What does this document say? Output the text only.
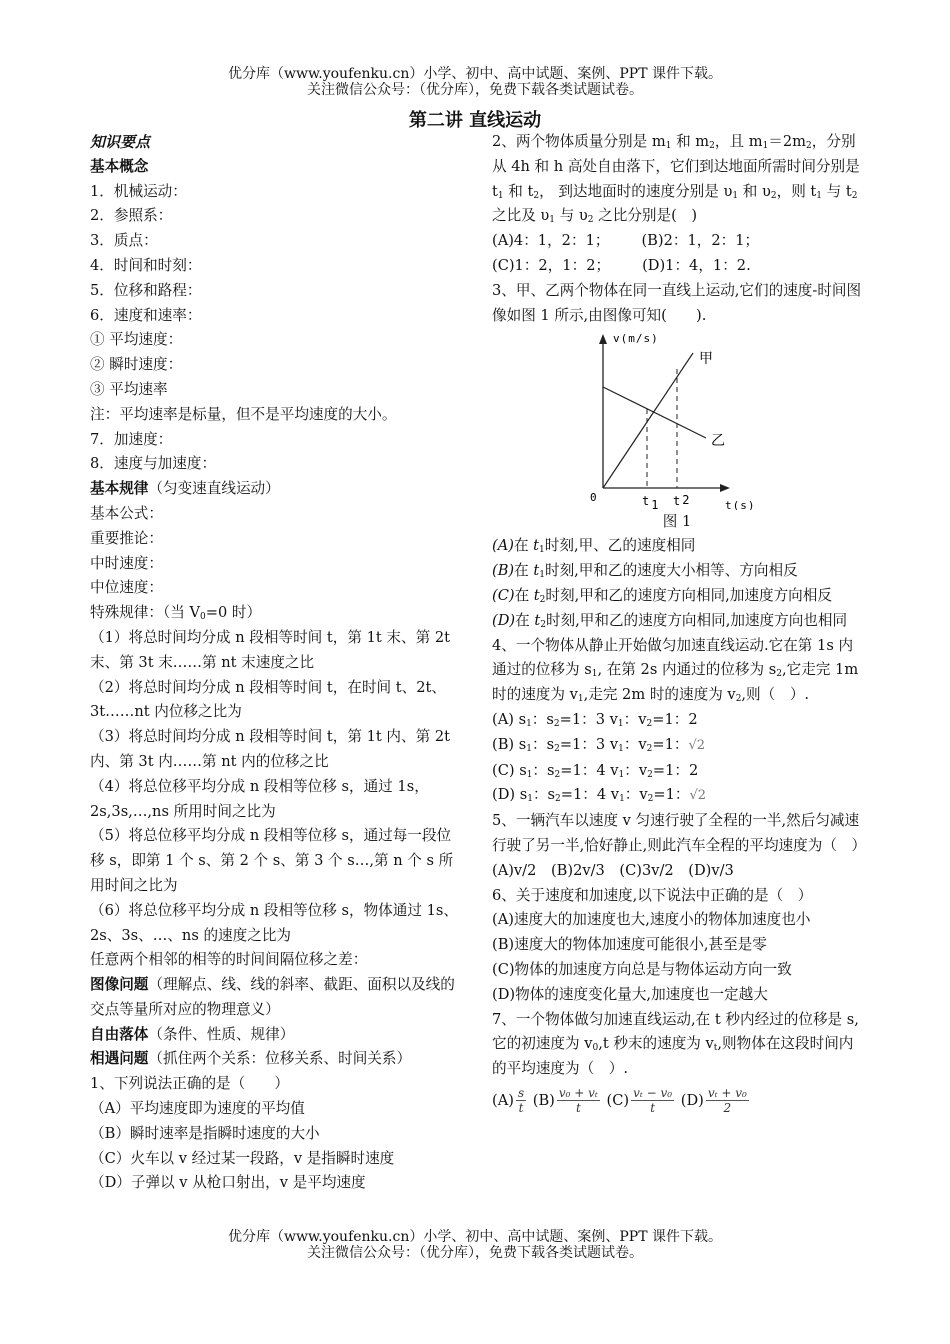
优分库（www.youfenku.cn）小学、初中、高中试题、案例、PPT 课件下载。
关注微信公众号：（优分库），免费下载各类试题试卷。
第二讲 直线运动
知识要点
基本概念
1．机械运动：
2．参照系：
3．质点：
4．时间和时刻：
5．位移和路程：
6．速度和速率：
① 平均速度：
② 瞬时速度：
③ 平均速率
注：平均速率是标量，但不是平均速度的大小。
7．加速度：
8．速度与加速度：
基本规律（匀变速直线运动）
基本公式：
重要推论：
中时速度：
中位速度：
特殊规律：（当 $V_0=0$ 时）
（1）将总时间均分成 n 段相等时间 t，第 1t 末、第 2t 末、第 3t 末……第 nt 末速度之比
（2）将总时间均分成 n 段相等时间 t，在时间 t、2t、3t……nt 内位移之比为
（3）将总时间均分成 n 段相等时间 t，第 1t 内、第 2t 内、第 3t 内……第 nt 内的位移之比
（4）将总位移平均分成 n 段相等位移 s，通过 1s，2s,3s,…,ns 所用时间之比为
（5）将总位移平均分成 n 段相等位移 s，通过每一段位移 s，即第 1 个 s、第 2 个 s、第 3 个 s…,第 n 个 s 所用时间之比为
（6）将总位移平均分成 n 段相等位移 s，物体通过 1s、2s、3s、…、ns 的速度之比为
任意两个相邻的相等的时间间隔位移之差：
图像问题（理解点、线、线的斜率、截距、面积以及线的交点等量所对应的物理意义）
自由落体（条件、性质、规律）
相遇问题（抓住两个关系：位移关系、时间关系）
1、下列说法正确的是（　　）
（A）平均速度即为速度的平均值
（B）瞬时速率是指瞬时速度的大小
（C）火车以 v 经过某一段路，v 是指瞬时速度
（D）子弹以 v 从枪口射出，v 是平均速度
2、两个物体质量分别是 $m_1$ 和 $m_2$，且 $m_1=2m_2$，分别从 4h 和 h 高处自由落下，它们到达地面所需时间分别是 $t_1$ 和 $t_2$， 到达地面时的速度分别是 $\upsilon_1$ 和 $\upsilon_2$，则 $t_1$ 与 $t_2$ 之比及 $\upsilon_1$ 与 $\upsilon_2$ 之比分别是(　)
(A)4：1，2：1； (B)2：1，2：1；
(C)1：2，1：2； (D)1：4，1：2.
3、甲、乙两个物体在同一直线上运动,它们的速度-时间图像如图 1 所示,由图像可知(　　).
v(m/s)
0	t 1 t 2	t(s)
甲
乙
图 1
(A)在 $t_1$时刻,甲、乙的速度相同
(B)在 $t_1$时刻,甲和乙的速度大小相等、方向相反
(C)在 $t_2$时刻,甲和乙的速度方向相同,加速度方向相反
(D)在 $t_2$时刻,甲和乙的速度方向相同,加速度方向也相同
4、一个物体从静止开始做匀加速直线运动.它在第 1s 内通过的位移为 $s_1$, 在第 2s 内通过的位移为 $s_2$,它走完 1m 时的速度为 $v_1$,走完 2m 时的速度为 $v_2$,则（　）.
(A) $s_1$：$s_2=1$：3 $v_1$：$v_2=1$：2
(B) $s_1$：$s_2=1$：3 $v_1$：$v_2=1$：√2
(C) $s_1$：$s_2=1$：4 $v_1$：$v_2=1$：2
(D) $s_1$：$s_2=1$：4 $v_1$：$v_2=1$：√2
5、一辆汽车以速度 v 匀速行驶了全程的一半,然后匀减速行驶了另一半,恰好静止,则此汽车全程的平均速度为（　）
(A)v/2　(B)2v/3　(C)3v/2　(D)v/3
6、关于速度和加速度,以下说法中正确的是（　）
(A)速度大的加速度也大,速度小的物体加速度也小
(B)速度大的物体加速度可能很小,甚至是零
(C)物体的加速度方向总是与物体运动方向一致
(D)物体的速度变化量大,加速度也一定越大
7、一个物体做匀加速直线运动,在 t 秒内经过的位移是 s,它的初速度为 $v_0,t$ 秒末的速度为 $v_t$,则物体在这段时间内的平均速度为（　）.
$(A) \frac{s}{t} (B) \frac{\text{v₀ + vₜ}}{t} (C) \frac{\text{vₜ − v₀}}{t} (D) \frac{\text{vₜ + v₀}}{2}$
优分库（www.youfenku.cn）小学、初中、高中试题、案例、PPT 课件下载。
关注微信公众号：（优分库），免费下载各类试题试卷。
